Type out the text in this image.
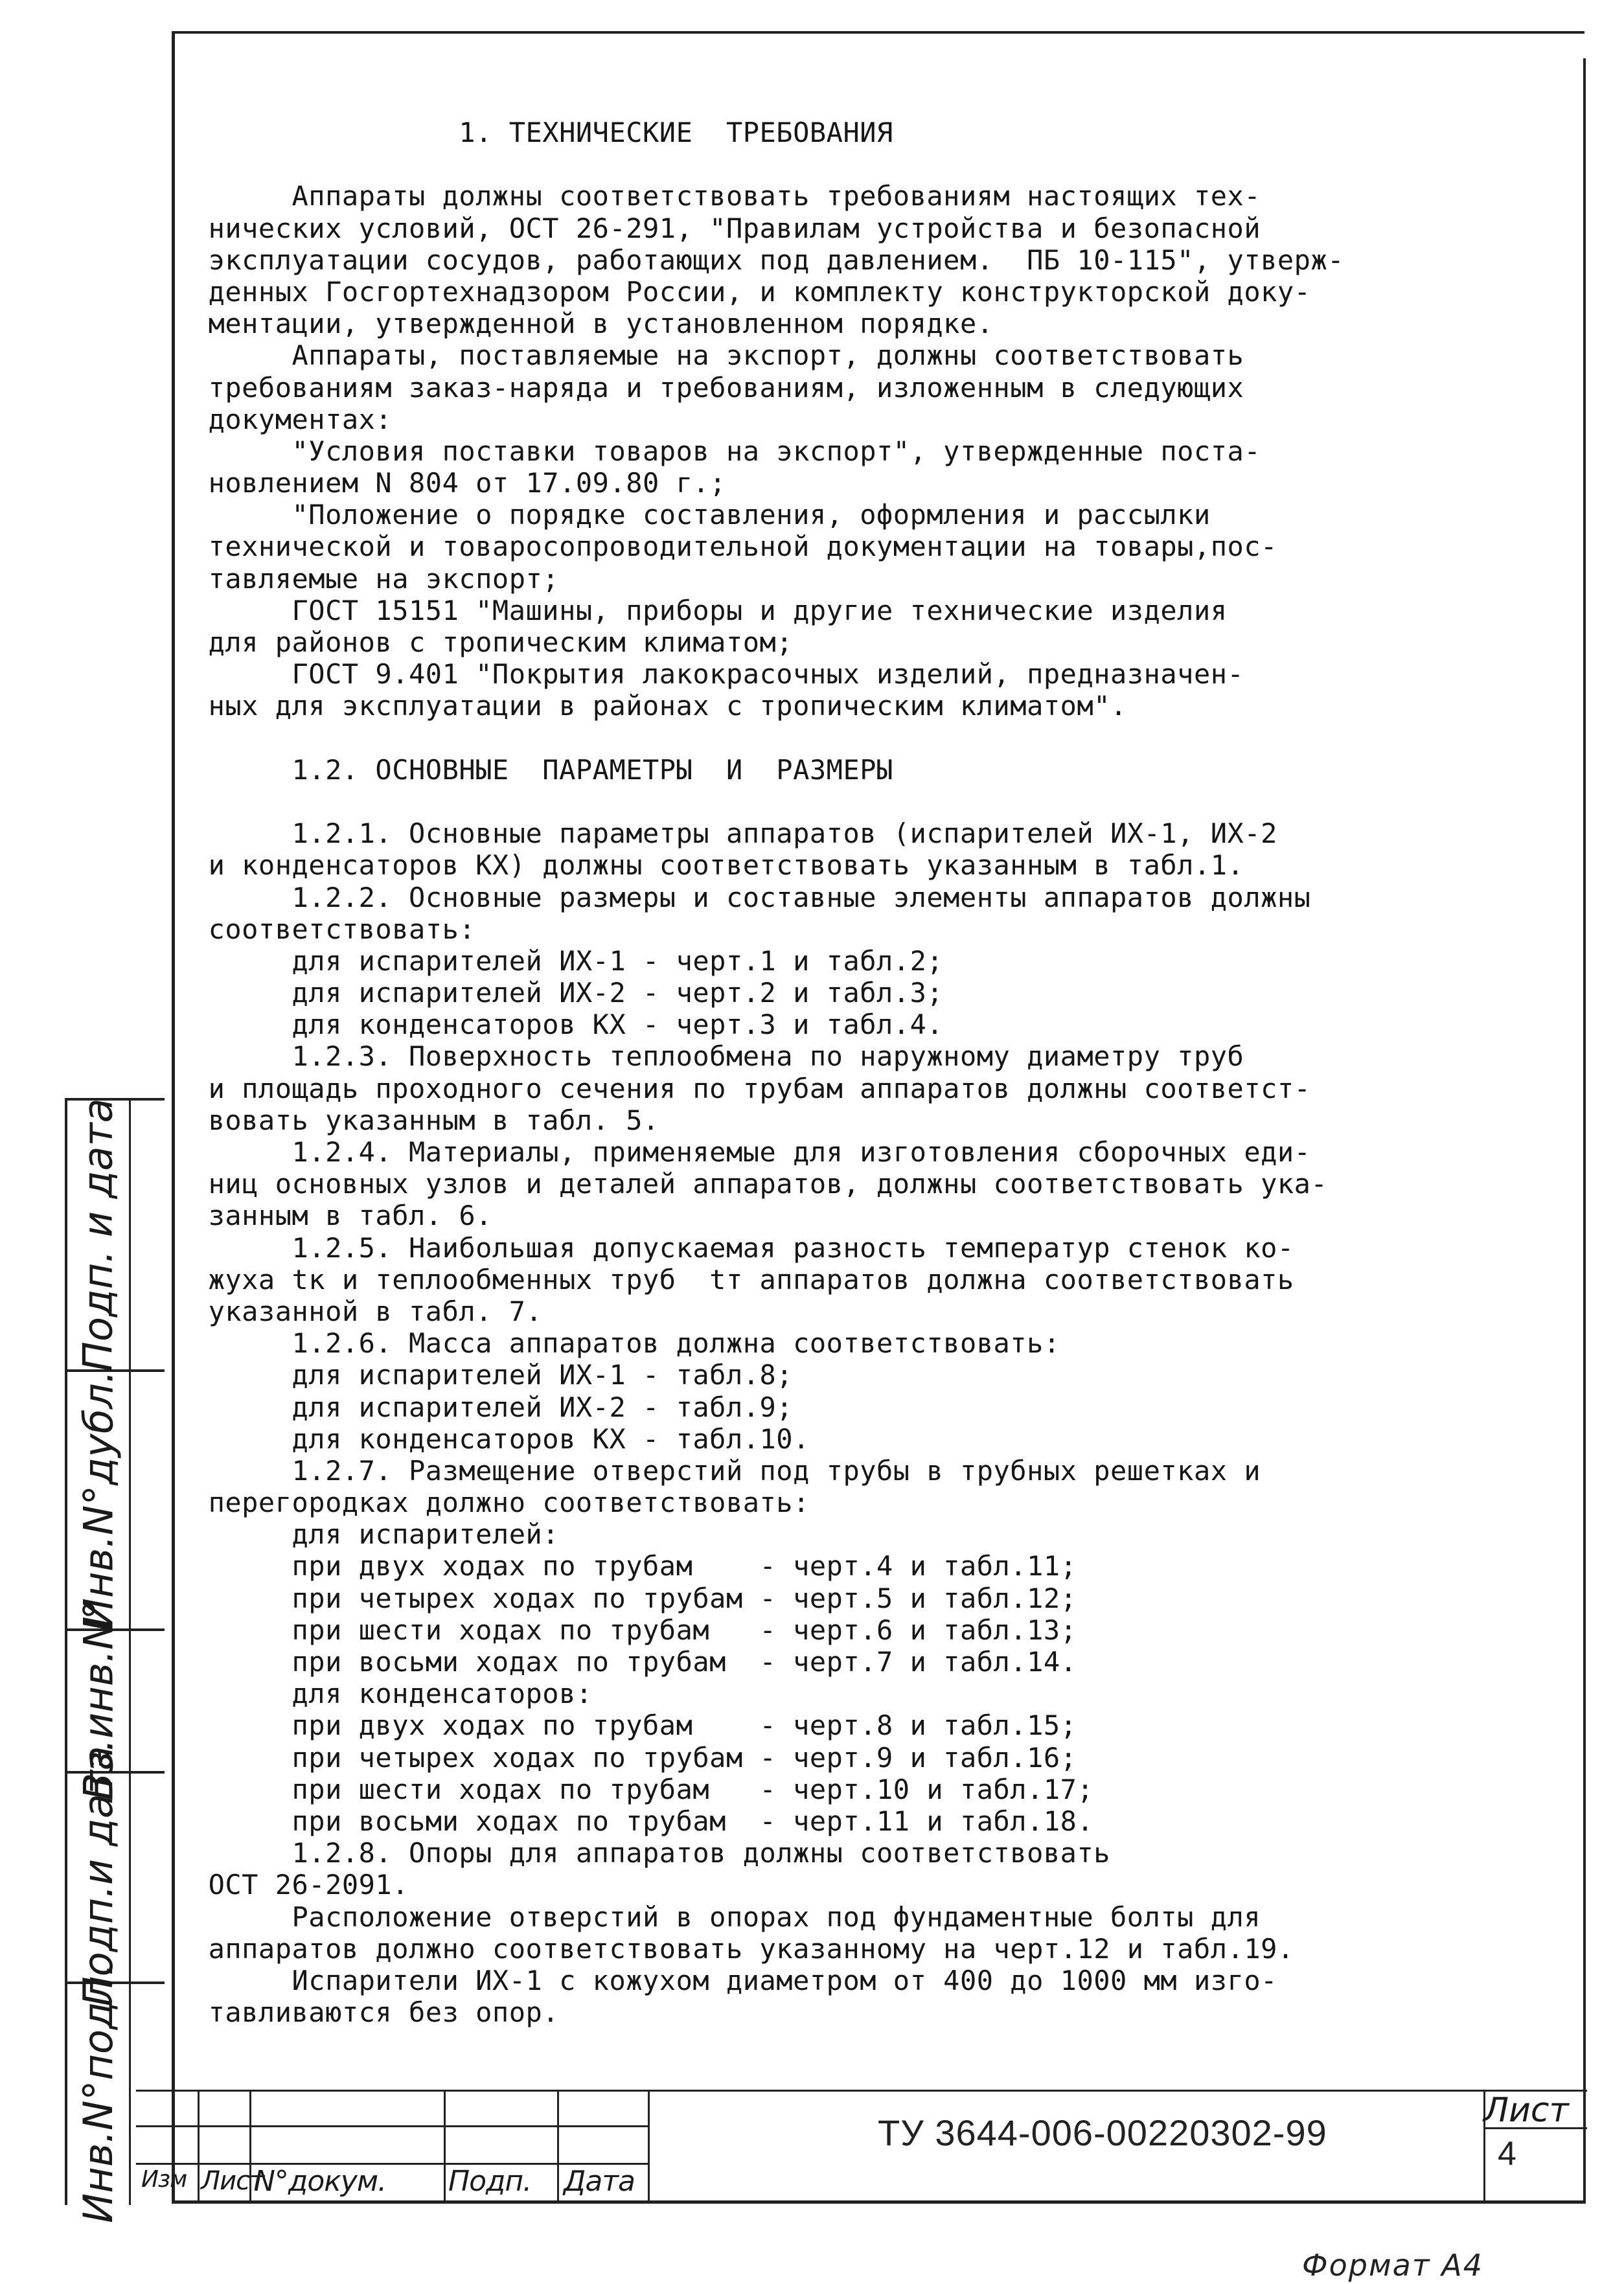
1. ТЕХНИЧЕСКИЕ  ТРЕБОВАНИЯ
Аппараты должны соответствовать требованиям настоящих тех-
нических условий, ОСТ 26-291, "Правилам устройства и безопасной
эксплуатации сосудов, работающих под давлением.  ПБ 10-115", утверж-
денных Госгортехнадзором России, и комплекту конструкторской доку-
ментации, утвержденной в установленном порядке.
Аппараты, поставляемые на экспорт, должны соответствовать
требованиям заказ-наряда и требованиям, изложенным в следующих
документах:
"Условия поставки товаров на экспорт", утвержденные поста-
новлением N 804 от 17.09.80 г.;
"Положение о порядке составления, оформления и рассылки
технической и товаросопроводительной документации на товары,пос-
тавляемые на экспорт;
ГОСТ 15151 "Машины, приборы и другие технические изделия
для районов с тропическим климатом;
ГОСТ 9.401 "Покрытия лакокрасочных изделий, предназначен-
ных для эксплуатации в районах с тропическим климатом".
1.2. ОСНОВНЫЕ  ПАРАМЕТРЫ  И  РАЗМЕРЫ
1.2.1. Основные параметры аппаратов (испарителей ИХ-1, ИХ-2
и конденсаторов КХ) должны соответствовать указанным в табл.1.
1.2.2. Основные размеры и составные элементы аппаратов должны
соответствовать:
для испарителей ИХ-1 - черт.1 и табл.2;
для испарителей ИХ-2 - черт.2 и табл.3;
для конденсаторов КХ - черт.3 и табл.4.
1.2.3. Поверхность теплообмена по наружному диаметру труб
и площадь проходного сечения по трубам аппаратов должны соответст-
вовать указанным в табл. 5.
1.2.4. Материалы, применяемые для изготовления сборочных еди-
ниц основных узлов и деталей аппаратов, должны соответствовать ука-
занным в табл. 6.
1.2.5. Наибольшая допускаемая разность температур стенок ко-
жуха tк и теплообменных труб  tт аппаратов должна соответствовать
указанной в табл. 7.
1.2.6. Масса аппаратов должна соответствовать:
для испарителей ИХ-1 - табл.8;
для испарителей ИХ-2 - табл.9;
для конденсаторов КХ - табл.10.
1.2.7. Размещение отверстий под трубы в трубных решетках и
перегородках должно соответствовать:
для испарителей:
при двух ходах по трубам    - черт.4 и табл.11;
при четырех ходах по трубам - черт.5 и табл.12;
при шести ходах по трубам   - черт.6 и табл.13;
при восьми ходах по трубам  - черт.7 и табл.14.
для конденсаторов:
при двух ходах по трубам    - черт.8 и табл.15;
при четырех ходах по трубам - черт.9 и табл.16;
при шести ходах по трубам   - черт.10 и табл.17;
при восьми ходах по трубам  - черт.11 и табл.18.
1.2.8. Опоры для аппаратов должны соответствовать
ОСТ 26-2091.
Расположение отверстий в опорах под фундаментные болты для
аппаратов должно соответствовать указанному на черт.12 и табл.19.
Испарители ИХ-1 с кожухом диаметром от 400 до 1000 мм изго-
тавливаются без опор.
Подп. и дата
Инв.N°дубл.
Вз.инв.N°
Подп.и дата
Инв.N°подл. Изм Лист
N°докум. Подп. Дата
ТУ 3644-006-00220302-99
Лист
4
Формат А4
